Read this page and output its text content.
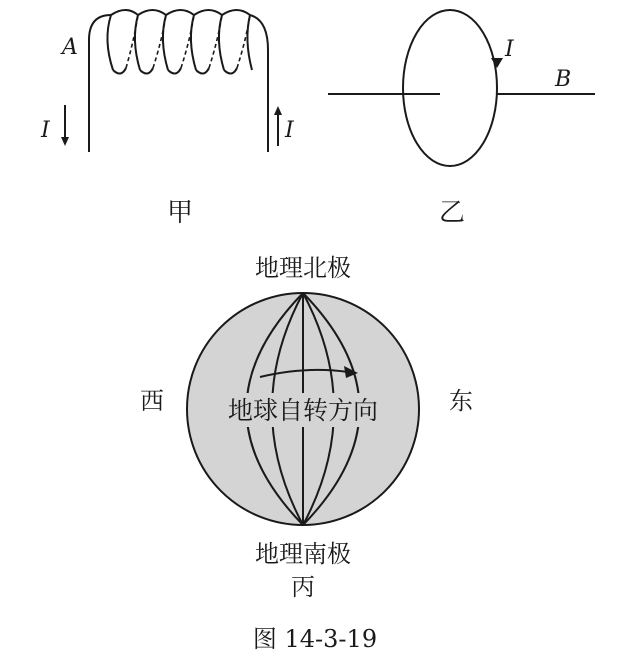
A
I	I
甲
I
B
乙
地理北极
地球自转方向
西	东
地理南极
丙
图 14-3-19
